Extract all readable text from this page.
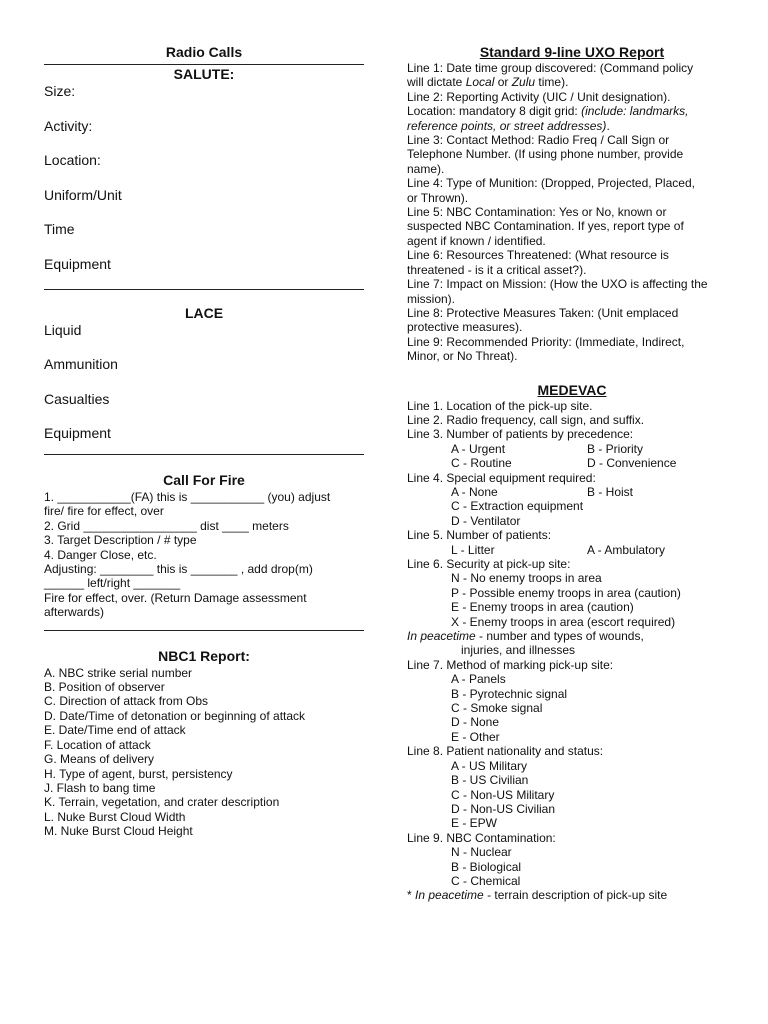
Radio Calls
SALUTE:
Size:
Activity:
Location:
Uniform/Unit
Time
Equipment
LACE
Liquid
Ammunition
Casualties
Equipment
Call For Fire
1. ___________(FA) this is ___________ (you) adjust
fire/ fire for effect, over
2. Grid _________________ dist ____ meters
3. Target Description / # type
4. Danger Close, etc.
Adjusting: ________ this is _______ , add drop(m)
______ left/right _______
Fire for effect, over. (Return Damage assessment
afterwards)
NBC1 Report:
A. NBC strike serial number
B. Position of observer
C. Direction of attack from Obs
D. Date/Time of detonation or beginning of attack
E. Date/Time end of attack
F. Location of attack
G. Means of delivery
H. Type of agent, burst, persistency
J. Flash to bang time
K. Terrain, vegetation, and crater description
L. Nuke Burst Cloud Width
M. Nuke Burst Cloud Height
Standard 9-line UXO Report
Line 1: Date time group discovered: (Command policy
will dictate Local or Zulu time).
Line 2: Reporting Activity (UIC / Unit designation).
Location: mandatory 8 digit grid: (include: landmarks,
reference points, or street addresses).
Line 3: Contact Method: Radio Freq / Call Sign or
Telephone Number. (If using phone number, provide
name).
Line 4: Type of Munition: (Dropped, Projected, Placed,
or Thrown).
Line 5: NBC Contamination: Yes or No, known or
suspected NBC Contamination. If yes, report type of
agent if known / identified.
Line 6: Resources Threatened: (What resource is
threatened - is it a critical asset?).
Line 7: Impact on Mission: (How the UXO is affecting the
mission).
Line 8: Protective Measures Taken: (Unit emplaced
protective measures).
Line 9: Recommended Priority: (Immediate, Indirect,
Minor, or No Threat).
MEDEVAC
Line 1. Location of the pick-up site.
Line 2. Radio frequency, call sign, and suffix.
Line 3. Number of patients by precedence:
A - Urgent	B - Priority
C - Routine	D - Convenience
Line 4. Special equipment required:
A - None	B - Hoist
C - Extraction equipment
D - Ventilator
Line 5. Number of patients:
L - Litter	A - Ambulatory
Line 6. Security at pick-up site:
N - No enemy troops in area
P - Possible enemy troops in area (caution)
E - Enemy troops in area (caution)
X - Enemy troops in area (escort required)
In peacetime - number and types of wounds,
injuries, and illnesses
Line 7. Method of marking pick-up site:
A - Panels
B - Pyrotechnic signal
C - Smoke signal
D - None
E - Other
Line 8. Patient nationality and status:
A - US Military
B - US Civilian
C - Non-US Military
D - Non-US Civilian
E - EPW
Line 9. NBC Contamination:
N - Nuclear
B - Biological
C - Chemical
* In peacetime - terrain description of pick-up site
